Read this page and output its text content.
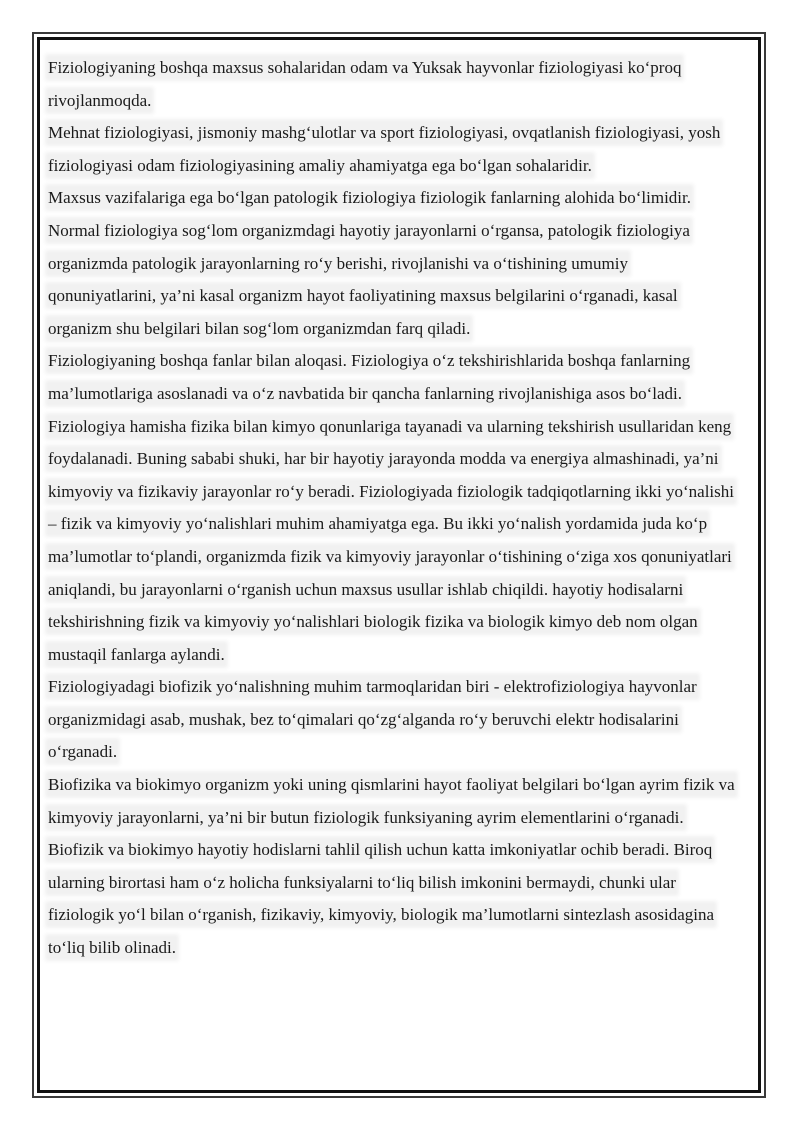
Fiziologiyaning boshqa maxsus sohalaridan odam va Yuksak hayvonlar fiziologiyasi ko‘proq rivojlanmoqda.

Mehnat fiziologiyasi, jismoniy mashg‘ulotlar va sport fiziologiyasi, ovqatlanish fiziologiyasi, yosh fiziologiyasi odam fiziologiyasining amaliy ahamiyatga ega bo‘lgan sohalaridir.

Maxsus vazifalariga ega bo‘lgan patologik fiziologiya fiziologik fanlarning alohida bo‘limidir. Normal fiziologiya sog‘lom organizmdagi hayotiy jarayonlarni o‘rgansa, patologik fiziologiya organizmda patologik jarayonlarning ro‘y berishi, rivojlanishi va o‘tishining umumiy qonuniyatlarini, ya’ni kasal organizm hayot faoliyatining maxsus belgilarini o‘rganadi, kasal organizm shu belgilari bilan sog‘lom organizmdan farq qiladi.

Fiziologiyaning boshqa fanlar bilan aloqasi. Fiziologiya o‘z tekshirishlarida boshqa fanlarning ma’lumotlariga asoslanadi va o‘z navbatida bir qancha fanlarning rivojlanishiga asos bo‘ladi.

Fiziologiya hamisha fizika bilan kimyo qonunlariga tayanadi va ularning tekshirish usullaridan keng foydalanadi. Buning sababi shuki, har bir hayotiy jarayonda modda va energiya almashinadi, ya’ni kimyoviy va fizikaviy jarayonlar ro‘y beradi. Fiziologiyada fiziologik tadqiqotlarning ikki yo‘nalishi – fizik va kimyoviy yo‘nalishlari muhim ahamiyatga ega. Bu ikki yo‘nalish yordamida juda ko‘p ma’lumotlar to‘plandi, organizmda fizik va kimyoviy jarayonlar o‘tishining o‘ziga xos qonuniyatlari aniqlandi, bu jarayonlarni o‘rganish uchun maxsus usullar ishlab chiqildi. hayotiy hodisalarni tekshirishning fizik va kimyoviy yo‘nalishlari biologik fizika va biologik kimyo deb nom olgan mustaqil fanlarga aylandi.

Fiziologiyadagi biofizik yo‘nalishning muhim tarmoqlaridan biri - elektrofiziologiya hayvonlar organizmidagi asab, mushak, bez to‘qimalari qo‘zg‘alganda ro‘y beruvchi elektr hodisalarini o‘rganadi.

Biofizika va biokimyo organizm yoki uning qismlarini hayot faoliyat belgilari bo‘lgan ayrim fizik va kimyoviy jarayonlarni, ya’ni bir butun fiziologik funksiyaning ayrim elementlarini o‘rganadi. Biofizik va biokimyo hayotiy hodislarni tahlil qilish uchun katta imkoniyatlar ochib beradi. Biroq ularning birortasi ham o‘z holicha funksiyalarni to‘liq bilish imkonini bermaydi, chunki ular fiziologik yo‘l bilan o‘rganish, fizikaviy, kimyoviy, biologik ma’lumotlarni sintezlash asosidagina to‘liq bilib olinadi.
